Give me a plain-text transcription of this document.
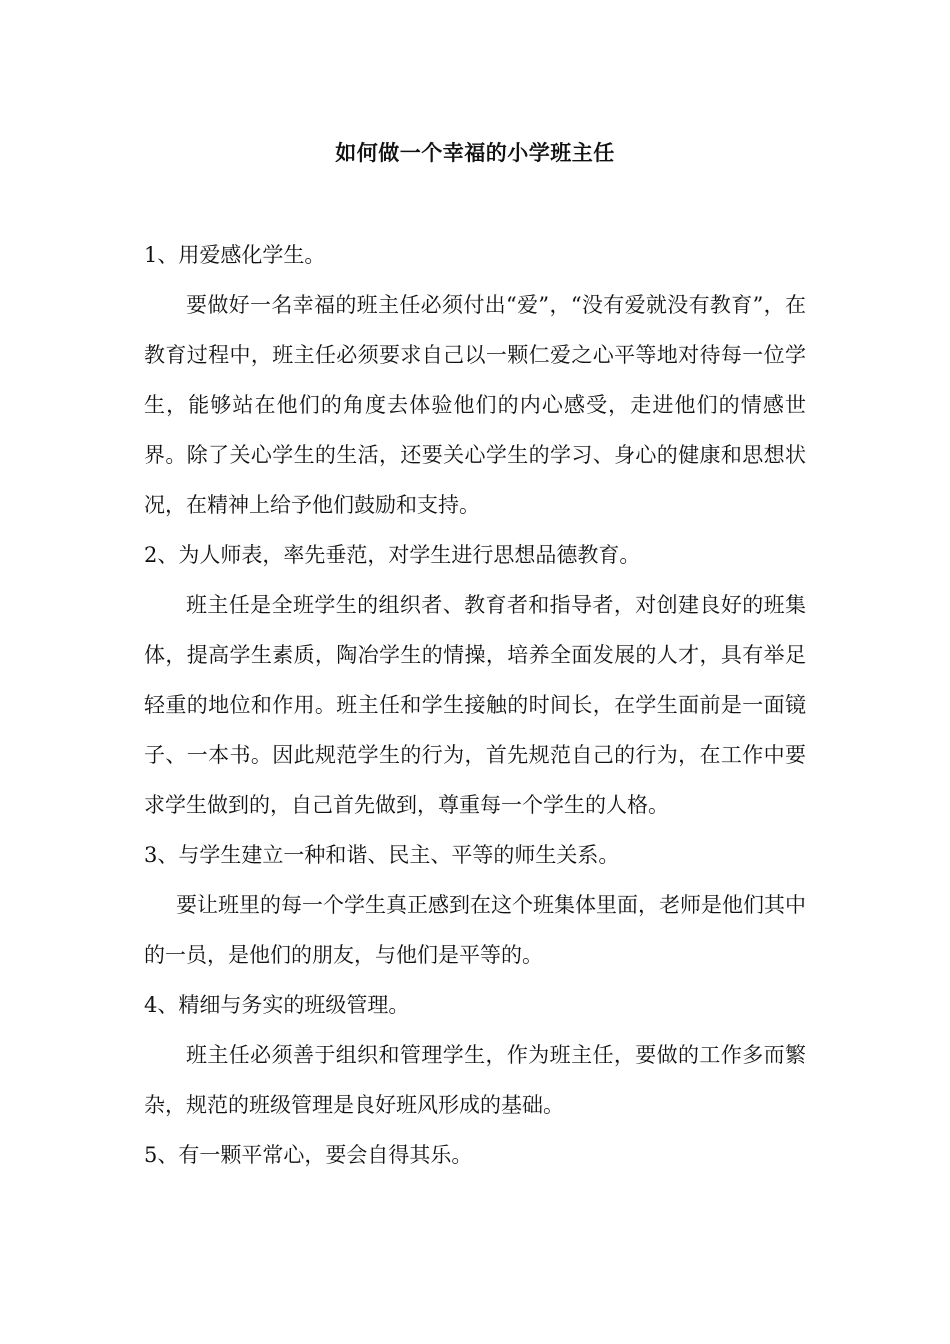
如何做一个幸福的小学班主任

1、用爱感化学生。

要做好一名幸福的班主任必须付出“爱”，“没有爱就没有教育”，在教育过程中，班主任必须要求自己以一颗仁爱之心平等地对待每一位学生，能够站在他们的角度去体验他们的内心感受，走进他们的情感世界。除了关心学生的生活，还要关心学生的学习、身心的健康和思想状况，在精神上给予他们鼓励和支持。

2、为人师表，率先垂范，对学生进行思想品德教育。

班主任是全班学生的组织者、教育者和指导者，对创建良好的班集体，提高学生素质，陶冶学生的情操，培养全面发展的人才，具有举足轻重的地位和作用。班主任和学生接触的时间长，在学生面前是一面镜子、一本书。因此规范学生的行为，首先规范自己的行为，在工作中要求学生做到的，自己首先做到，尊重每一个学生的人格。

3、与学生建立一种和谐、民主、平等的师生关系。

要让班里的每一个学生真正感到在这个班集体里面，老师是他们其中的一员，是他们的朋友，与他们是平等的。

4、精细与务实的班级管理。

班主任必须善于组织和管理学生，作为班主任，要做的工作多而繁杂，规范的班级管理是良好班风形成的基础。

5、有一颗平常心，要会自得其乐。
